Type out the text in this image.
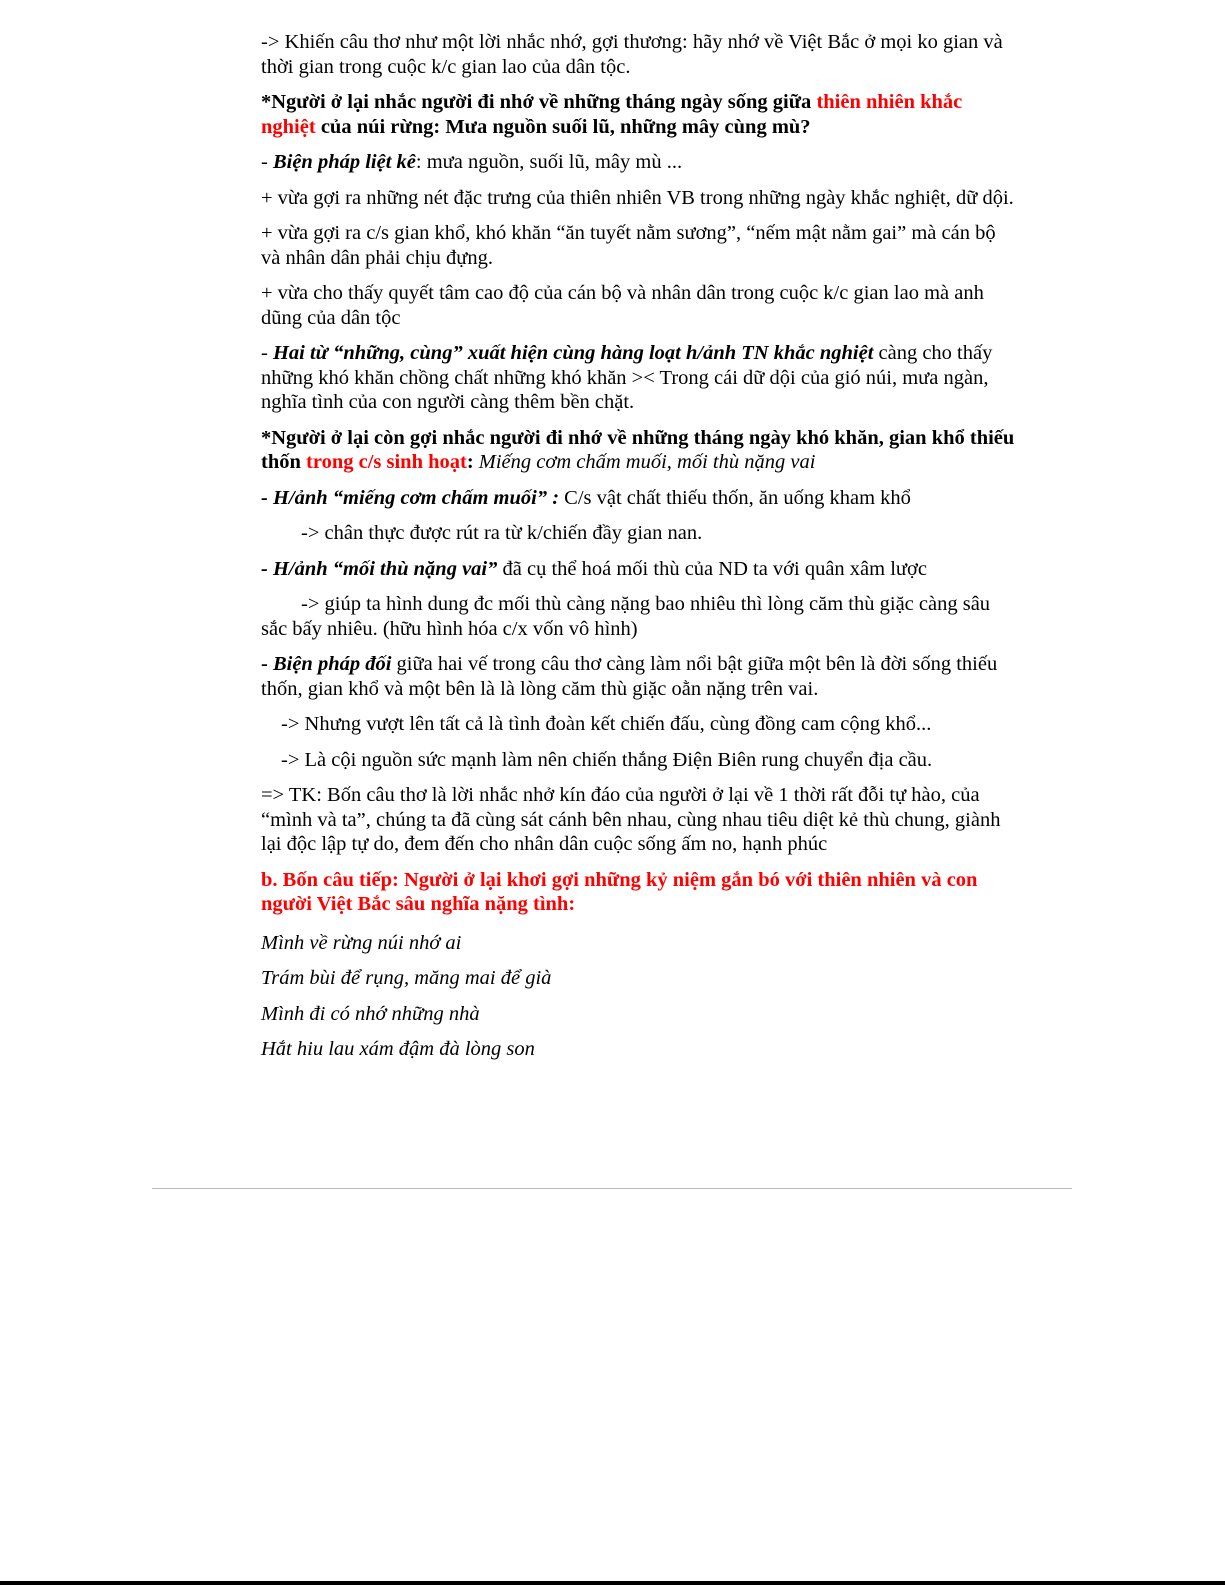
-> Khiến câu thơ như một lời nhắc nhớ, gợi thương: hãy nhớ về Việt Bắc ở mọi ko gian và thời gian trong cuộc k/c gian lao của dân tộc.

*Người ở lại nhắc người đi nhớ về những tháng ngày sống giữa thiên nhiên khắc nghiệt của núi rừng: Mưa nguồn suối lũ, những mây cùng mù?

- Biện pháp liệt kê: mưa nguồn, suối lũ, mây mù ...

+ vừa gợi ra những nét đặc trưng của thiên nhiên VB trong những ngày khắc nghiệt, dữ dội.

+ vừa gợi ra c/s gian khổ, khó khăn “ăn tuyết nằm sương”, “nếm mật nằm gai” mà cán bộ và nhân dân phải chịu đựng.

+ vừa cho thấy quyết tâm cao độ của cán bộ và nhân dân trong cuộc k/c gian lao mà anh dũng của dân tộc

- Hai từ “những, cùng” xuất hiện cùng hàng loạt h/ảnh TN khắc nghiệt càng cho thấy những khó khăn chồng chất những khó khăn >< Trong cái dữ dội của gió núi, mưa ngàn, nghĩa tình của con người càng thêm bền chặt.

*Người ở lại còn gợi nhắc người đi nhớ về những tháng ngày khó khăn, gian khổ thiếu thốn trong c/s sinh hoạt: Miếng cơm chấm muối, mối thù nặng vai

- H/ảnh “miếng cơm chấm muối” : C/s vật chất thiếu thốn, ăn uống kham khổ

-> chân thực được rút ra từ k/chiến đầy gian nan.

- H/ảnh “mối thù nặng vai” đã cụ thể hoá mối thù của ND ta với quân xâm lược

-> giúp ta hình dung đc mối thù càng nặng bao nhiêu thì lòng căm thù giặc càng sâu sắc bấy nhiêu. (hữu hình hóa c/x vốn vô hình)

- Biện pháp đối giữa hai vế trong câu thơ càng làm nổi bật giữa một bên là đời sống thiếu thốn, gian khổ và một bên là là lòng căm thù giặc oằn nặng trên vai.

-> Nhưng vượt lên tất cả là tình đoàn kết chiến đấu, cùng đồng cam cộng khổ...

-> Là cội nguồn sức mạnh làm nên chiến thắng Điện Biên rung chuyển địa cầu.

=> TK: Bốn câu thơ là lời nhắc nhở kín đáo của người ở lại về 1 thời rất đỗi tự hào, của “mình và ta”, chúng ta đã cùng sát cánh bên nhau, cùng nhau tiêu diệt kẻ thù chung, giành lại độc lập tự do, đem đến cho nhân dân cuộc sống ấm no, hạnh phúc

b. Bốn câu tiếp: Người ở lại khơi gợi những kỷ niệm gắn bó với thiên nhiên và con người Việt Bắc sâu nghĩa nặng tình:

Mình về rừng núi nhớ ai

Trám bùi để rụng, măng mai để già

Mình đi có nhớ những nhà

Hắt hiu lau xám đậm đà lòng son
